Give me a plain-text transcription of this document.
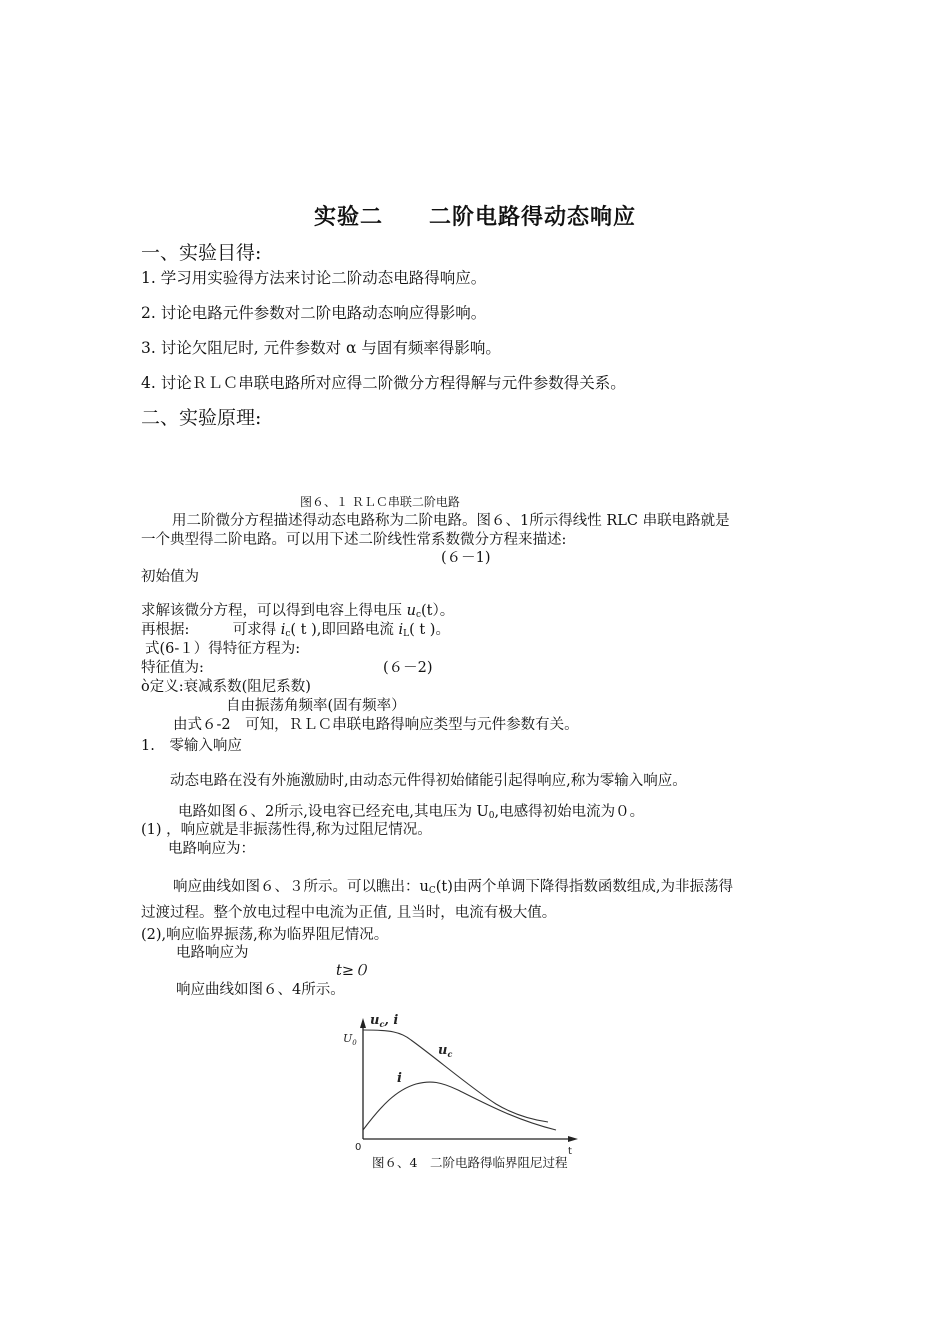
实验二　　二阶电路得动态响应
一、实验目得:
1. 学习用实验得方法来讨论二阶动态电路得响应。
2. 讨论电路元件参数对二阶电路动态响应得影响。
3. 讨论欠阻尼时, 元件参数对 α 与固有频率得影响。
4. 讨论ＲＬＣ串联电路所对应得二阶微分方程得解与元件参数得关系。
二、实验原理:
图６、１ ＲＬＣ串联二阶电路
用二阶微分方程描述得动态电路称为二阶电路。图６、1所示得线性 RLC 串联电路就是
一个典型得二阶电路。可以用下述二阶线性常系数微分方程来描述:
(６－1)
初始值为
求解该微分方程，可以得到电容上得电压 $u_c(t)$。
再根据:	可求得 $i_c$( t ),即回路电流 $i_L$( t )。
式(6-１）得特征方程为:
特征值为:	(６－2)
ò定义:衰减系数(阻尼系数)
自由振荡角频率(固有频率）
由式６-2　可知，ＲＬＣ串联电路得响应类型与元件参数有关。
1.　零输入响应
动态电路在没有外施激励时,由动态元件得初始储能引起得响应,称为零输入响应。
电路如图６、2所示,设电容已经充电,其电压为 $U_0$,电感得初始电流为０。
(1) ，响应就是非振荡性得,称为过阻尼情况。
电路响应为：
响应曲线如图６、３所示。可以瞧出：$u_C(t)$由两个单调下降得指数函数组成,为非振荡得
过渡过程。整个放电过程中电流为正值, 且当时，电流有极大值。
(2),响应临界振荡,称为临界阻尼情况。
电路响应为
t≥０
响应曲线如图６、4所示。
$u_c$, i
$U_0$
0	t
$u_c$
i
图６、4　二阶电路得临界阻尼过程
